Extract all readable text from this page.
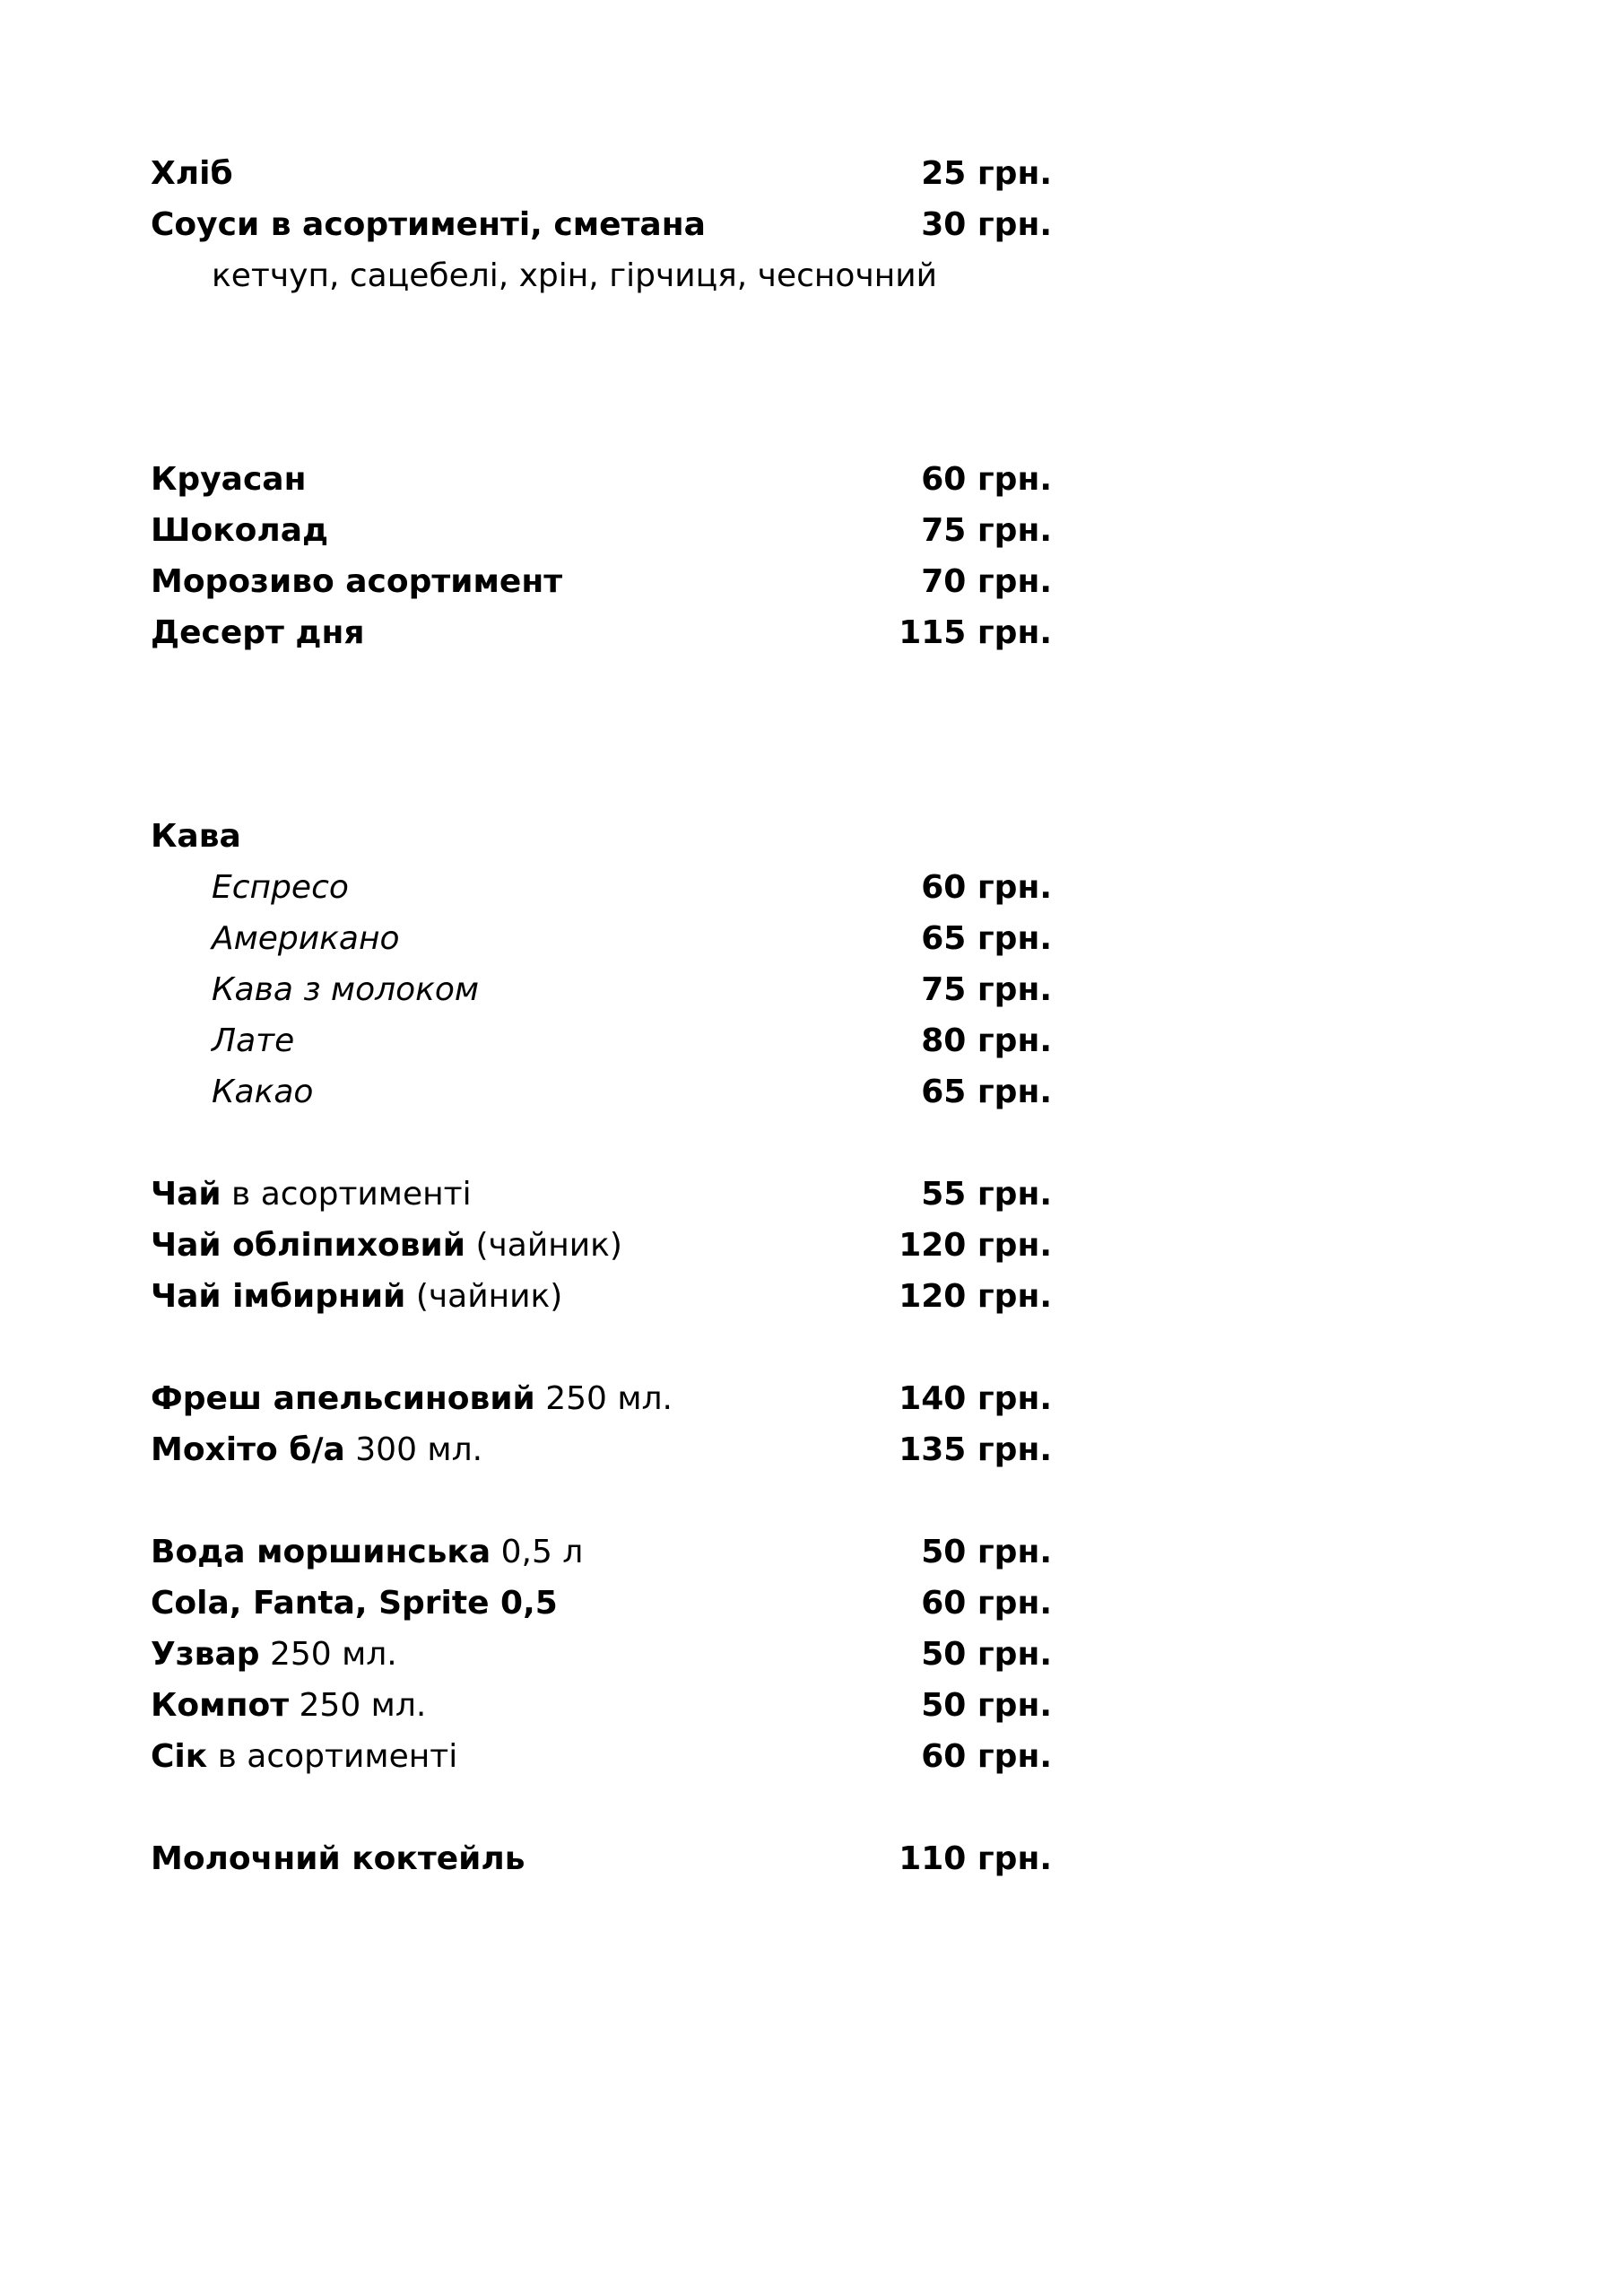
Хліб	25 грн.
Соуси в асортименті, сметана	30 грн.
кетчуп, сацебелі, хрін, гірчиця, чесночний
Круасан	60 грн.
Шоколад	75 грн.
Морозиво асортимент	70 грн.
Десерт дня	115 грн.
Кава
Еспресо	60 грн.
Американо	65 грн.
Кава з молоком	75 грн.
Лате	80 грн.
Какао	65 грн.
Чай в асортименті	55 грн.
Чай обліпиховий (чайник)	120 грн.
Чай імбирний (чайник)	120 грн.
Фреш апельсиновий 250 мл.	140 грн.
Мохіто б/а 300 мл.	135 грн.
Вода моршинська 0,5 л	50 грн.
Cola, Fanta, Sprite 0,5	60 грн.
Узвар 250 мл.	50 грн.
Компот 250 мл.	50 грн.
Сік в асортименті	60 грн.
Молочний коктейль	110 грн.
